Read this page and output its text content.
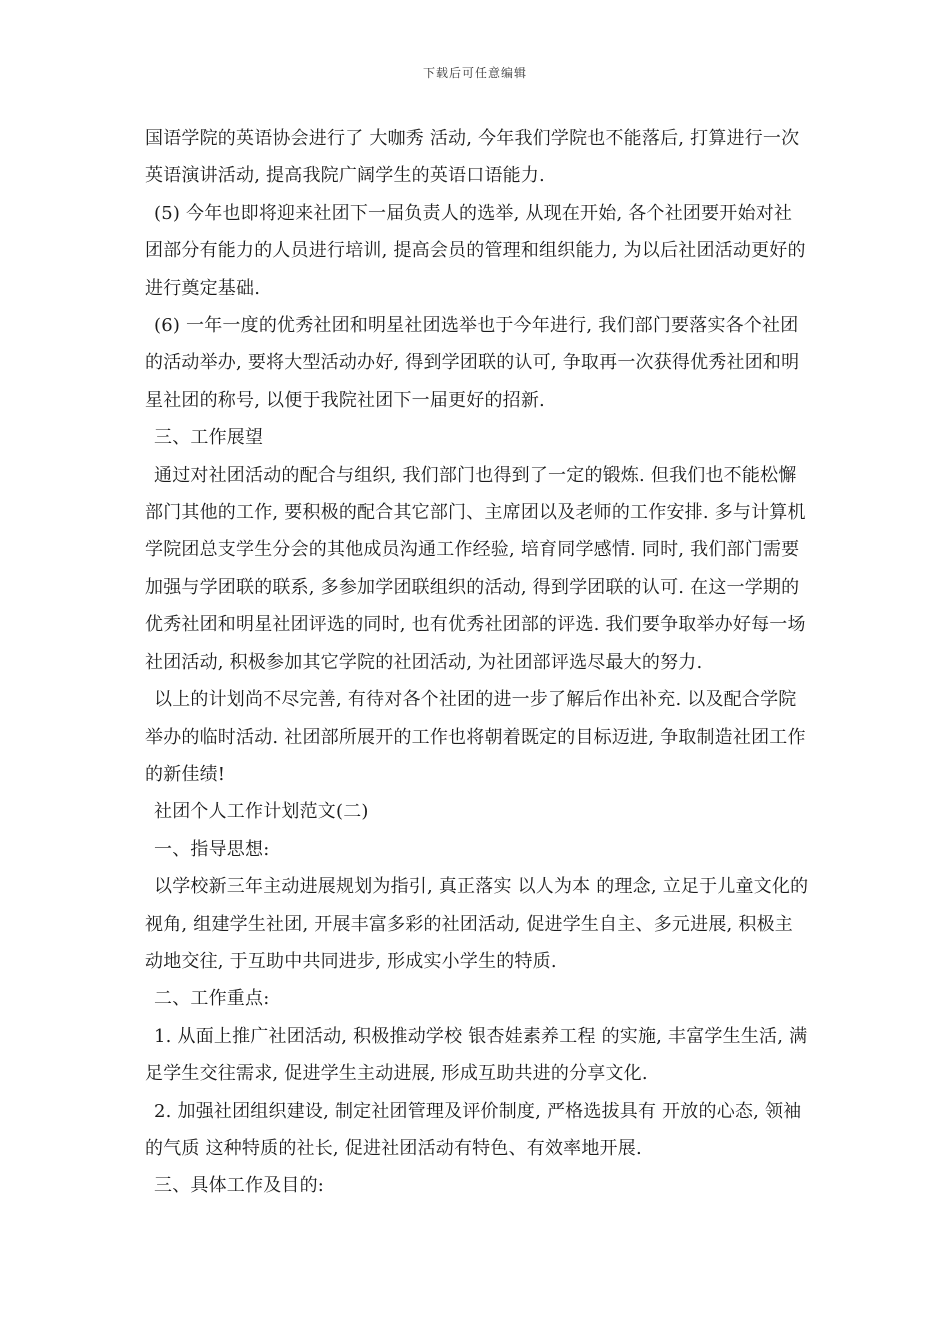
下载后可任意编辑

国语学院的英语协会进行了 大咖秀 活动, 今年我们学院也不能落后, 打算进行一次英语演讲活动, 提高我院广阔学生的英语口语能力.

(5) 今年也即将迎来社团下一届负责人的选举, 从现在开始, 各个社团要开始对社团部分有能力的人员进行培训, 提高会员的管理和组织能力, 为以后社团活动更好的进行奠定基础.

(6) 一年一度的优秀社团和明星社团选举也于今年进行, 我们部门要落实各个社团的活动举办, 要将大型活动办好, 得到学团联的认可, 争取再一次获得优秀社团和明星社团的称号, 以便于我院社团下一届更好的招新.

三、工作展望

通过对社团活动的配合与组织, 我们部门也得到了一定的锻炼. 但我们也不能松懈部门其他的工作, 要积极的配合其它部门、主席团以及老师的工作安排. 多与计算机学院团总支学生分会的其他成员沟通工作经验, 培育同学感情. 同时, 我们部门需要加强与学团联的联系, 多参加学团联组织的活动, 得到学团联的认可. 在这一学期的优秀社团和明星社团评选的同时, 也有优秀社团部的评选. 我们要争取举办好每一场社团活动, 积极参加其它学院的社团活动, 为社团部评选尽最大的努力.

以上的计划尚不尽完善, 有待对各个社团的进一步了解后作出补充. 以及配合学院举办的临时活动. 社团部所展开的工作也将朝着既定的目标迈进, 争取制造社团工作的新佳绩!

社团个人工作计划范文(二)

一、指导思想:

以学校新三年主动进展规划为指引, 真正落实 以人为本 的理念, 立足于儿童文化的视角, 组建学生社团, 开展丰富多彩的社团活动, 促进学生自主、多元进展, 积极主动地交往, 于互助中共同进步, 形成实小学生的特质.

二、工作重点:

1. 从面上推广社团活动, 积极推动学校 银杏娃素养工程 的实施, 丰富学生生活, 满足学生交往需求, 促进学生主动进展, 形成互助共进的分享文化.

2. 加强社团组织建设, 制定社团管理及评价制度, 严格选拔具有 开放的心态, 领袖的气质 这种特质的社长, 促进社团活动有特色、有效率地开展.

三、具体工作及目的:
